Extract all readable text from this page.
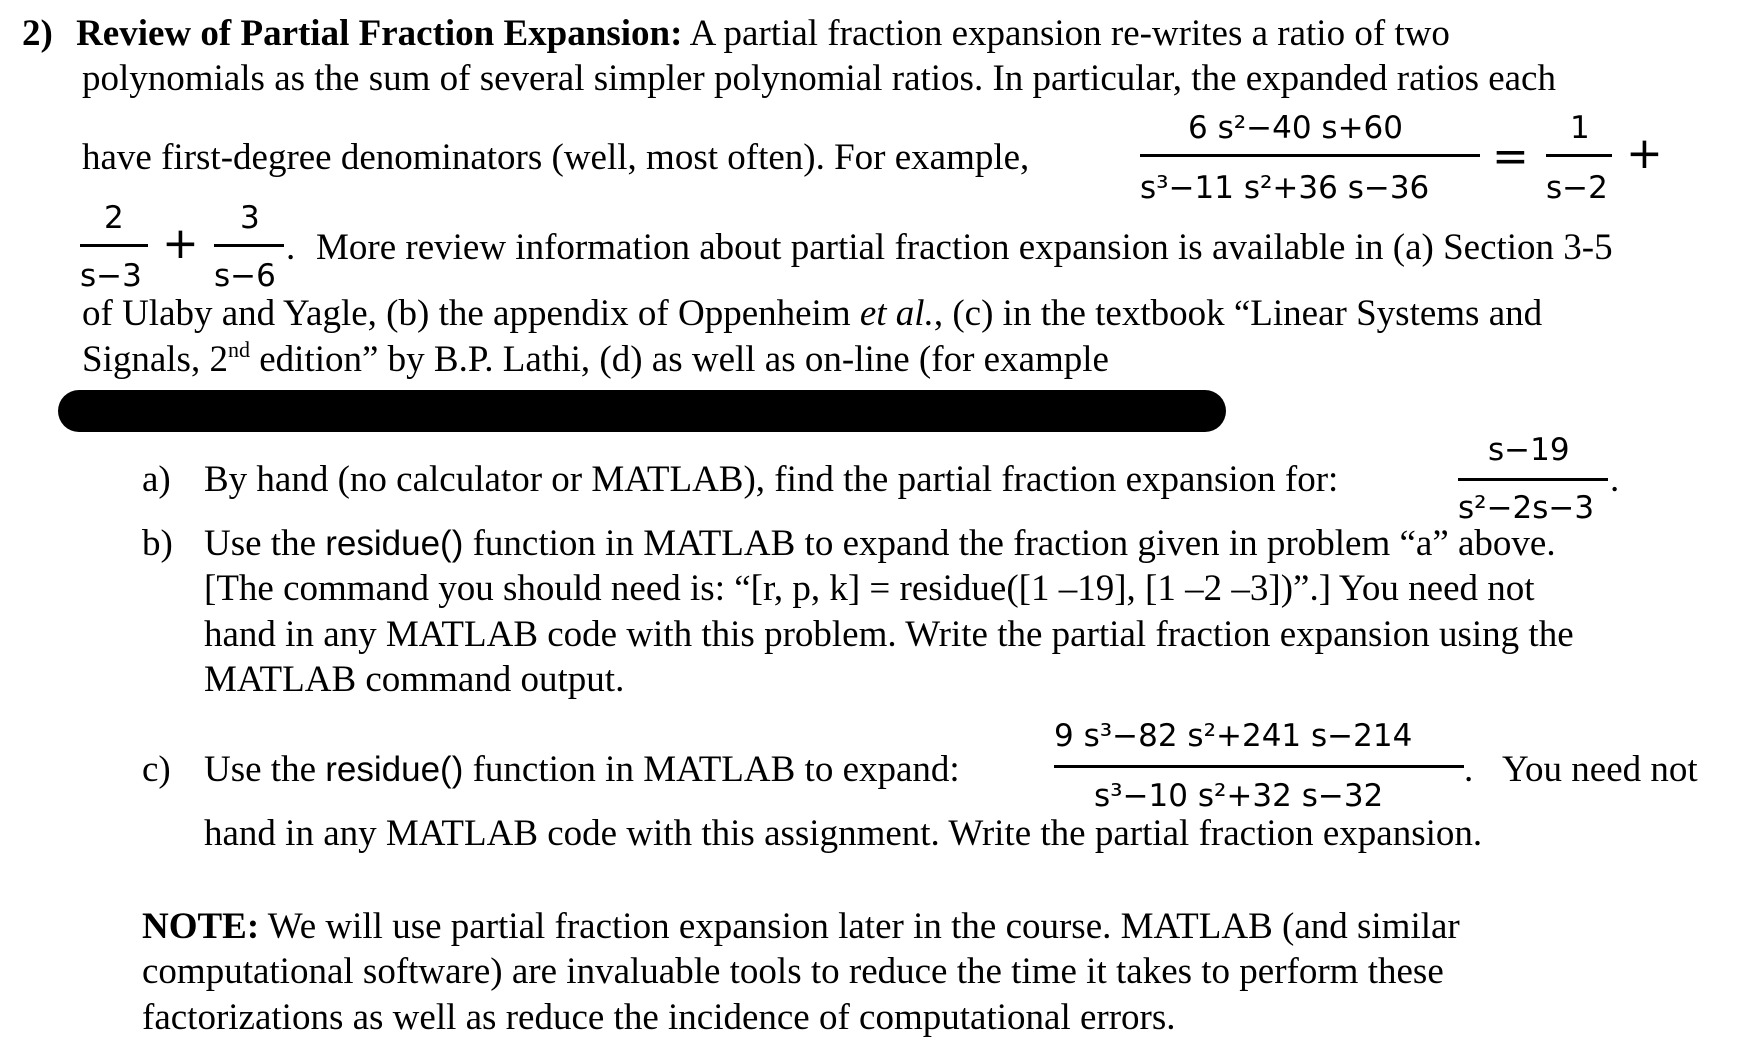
2) Review of Partial Fraction Expansion: A partial fraction expansion re-writes a ratio of two
polynomials as the sum of several simpler polynomial ratios. In particular, the expanded ratios each
have first-degree denominators (well, most often). For example,
6 s²−40 s+60
s³−11 s²+36 s−36
=
1
s−2
+
2
s−3
+ 3
s−6
. More review information about partial fraction expansion is available in (a) Section 3-5
of Ulaby and Yagle, (b) the appendix of Oppenheim et al., (c) in the textbook “Linear Systems and
Signals, 2nd edition” by B.P. Lathi, (d) as well as on-line (for example
a) By hand (no calculator or MATLAB), find the partial fraction expansion for:
s−19
s²−2s−3
.
b) Use the residue() function in MATLAB to expand the fraction given in problem “a” above.
[The command you should need is: “[r, p, k] = residue([1 –19], [1 –2 –3])”.] You need not
hand in any MATLAB code with this problem. Write the partial fraction expansion using the
MATLAB command output.
c) Use the residue() function in MATLAB to expand:
9 s³−82 s²+241 s−214
s³−10 s²+32 s−32
. You need not
hand in any MATLAB code with this assignment. Write the partial fraction expansion.
NOTE: We will use partial fraction expansion later in the course. MATLAB (and similar
computational software) are invaluable tools to reduce the time it takes to perform these
factorizations as well as reduce the incidence of computational errors.
